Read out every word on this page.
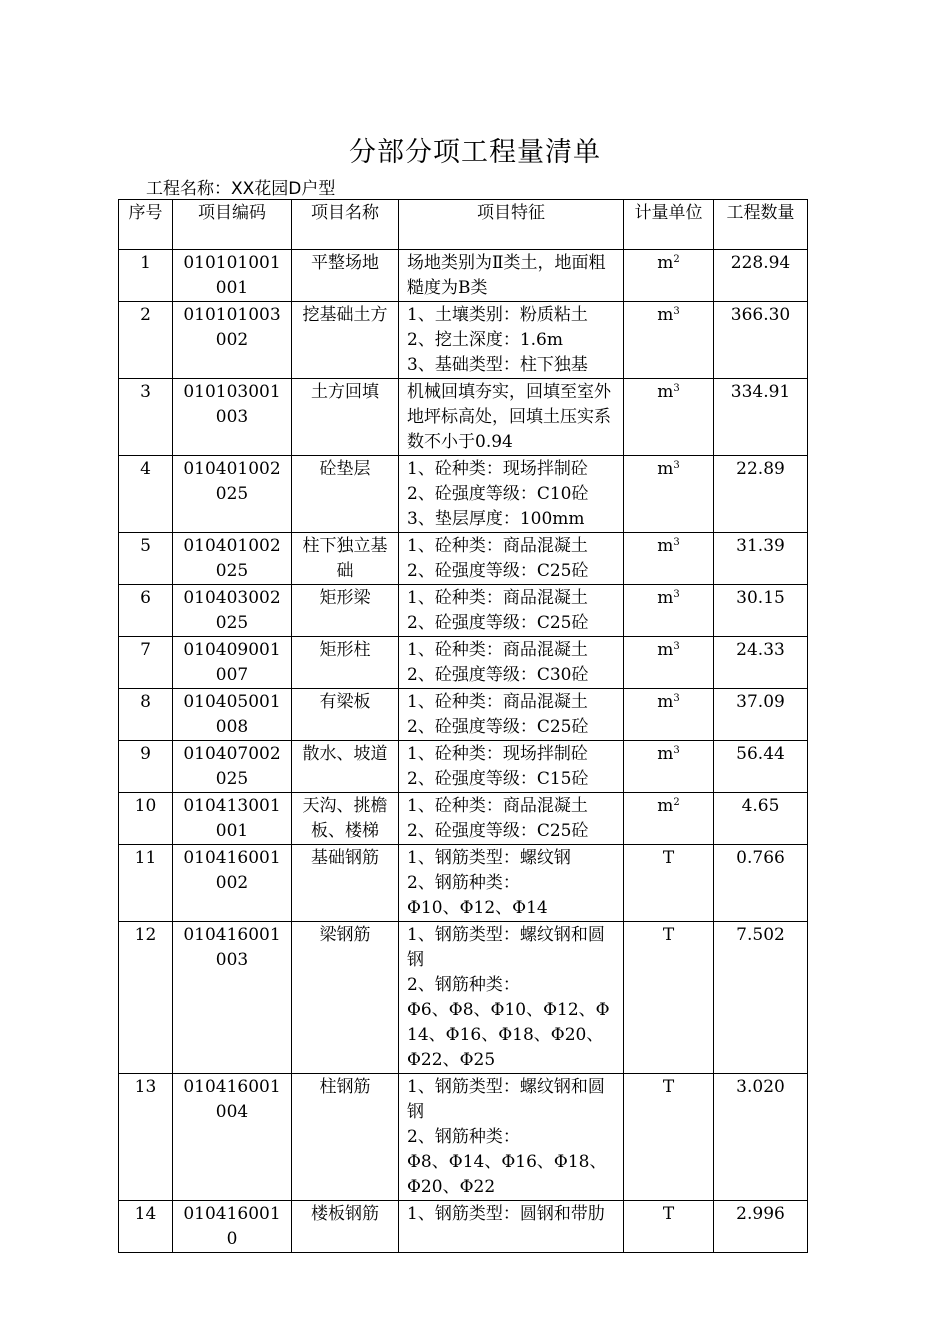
分部分项工程量清单
工程名称：XX花园D户型
序号	项目编码	项目名称	项目特征	计量单位	工程数量
1	010101001001	平整场地	场地类别为Ⅱ类土，地面粗糙度为B类	$m^2$	228.94
2	010101003002	挖基础土方	1、土壤类别：粉质粘土
2、挖土深度：1.6m
3、基础类型：柱下独基	$m^3$	366.30
3	010103001003	土方回填	机械回填夯实，回填至室外地坪标高处，回填土压实系数不小于0.94	$m^3$	334.91
4	010401002025	砼垫层	1、砼种类：现场拌制砼
2、砼强度等级：C10砼
3、垫层厚度：100mm	$m^3$	22.89
5	010401002025	柱下独立基础	1、砼种类：商品混凝土
2、砼强度等级：C25砼	$m^3$	31.39
6	010403002025	矩形梁	1、砼种类：商品混凝土
2、砼强度等级：C25砼	$m^3$	30.15
7	010409001007	矩形柱	1、砼种类：商品混凝土
2、砼强度等级：C30砼	$m^3$	24.33
8	010405001008	有梁板	1、砼种类：商品混凝土
2、砼强度等级：C25砼	$m^3$	37.09
9	010407002025	散水、坡道	1、砼种类：现场拌制砼
2、砼强度等级：C15砼	$m^3$	56.44
10	010413001001	天沟、挑檐板、楼梯	1、砼种类：商品混凝土
2、砼强度等级：C25砼	$m^2$	4.65
11	010416001002	基础钢筋	1、钢筋类型：螺纹钢
2、钢筋种类：
Φ10、Φ12、Φ14	T	0.766
12	010416001003	梁钢筋	1、钢筋类型：螺纹钢和圆钢
2、钢筋种类：
Φ6、Φ8、Φ10、Φ12、Φ14、Φ16、Φ18、Φ20、Φ22、Φ25	T	7.502
13	010416001004	柱钢筋	1、钢筋类型：螺纹钢和圆钢
2、钢筋种类：
Φ8、Φ14、Φ16、Φ18、Φ20、Φ22	T	3.020
14	0104160010	楼板钢筋	1、钢筋类型：圆钢和带肋	T	2.996
